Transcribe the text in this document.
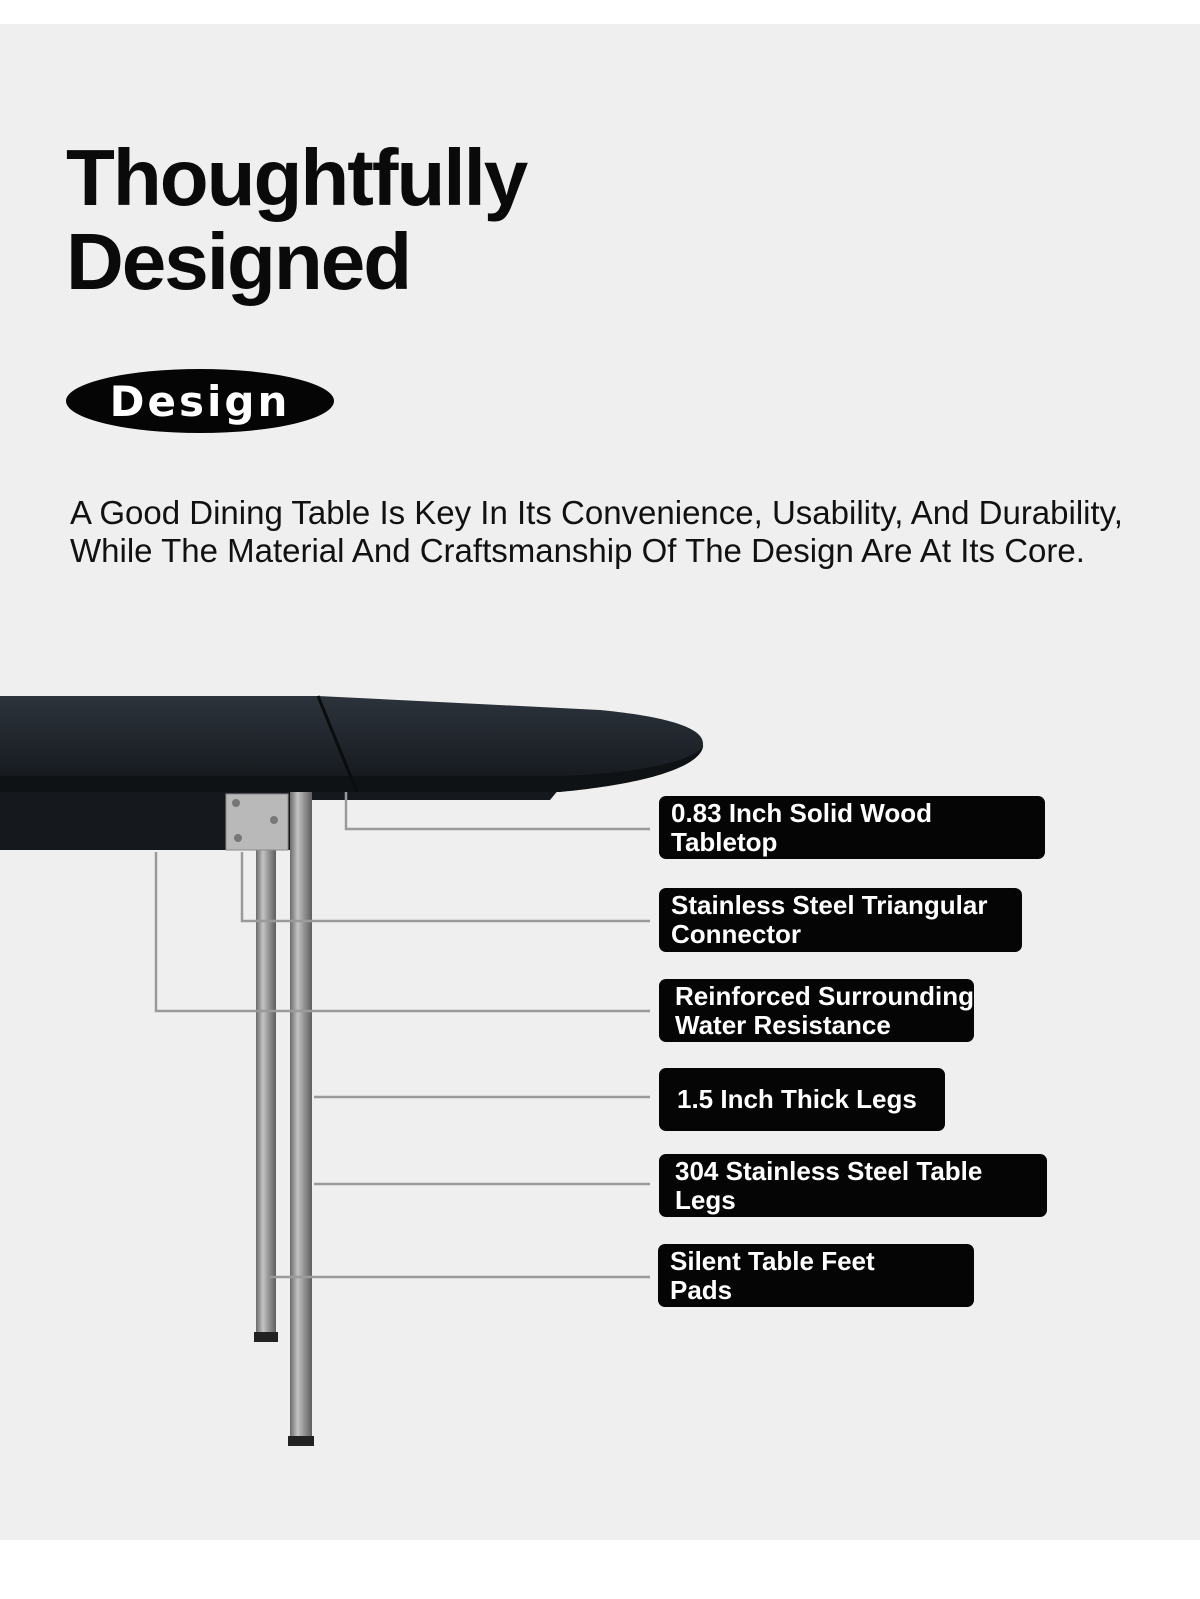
Thoughtfully
Designed
Design

A Good Dining Table Is Key In Its Convenience, Usability, And Durability, While The Material And Craftsmanship Of The Design Are At Its Core.

0.83 Inch Solid Wood Tabletop
Stainless Steel Triangular
Connector
Reinforced Surrounding
Water Resistance
1.5 Inch Thick Legs
304 Stainless Steel Table Legs
Silent Table Feet
Pads
